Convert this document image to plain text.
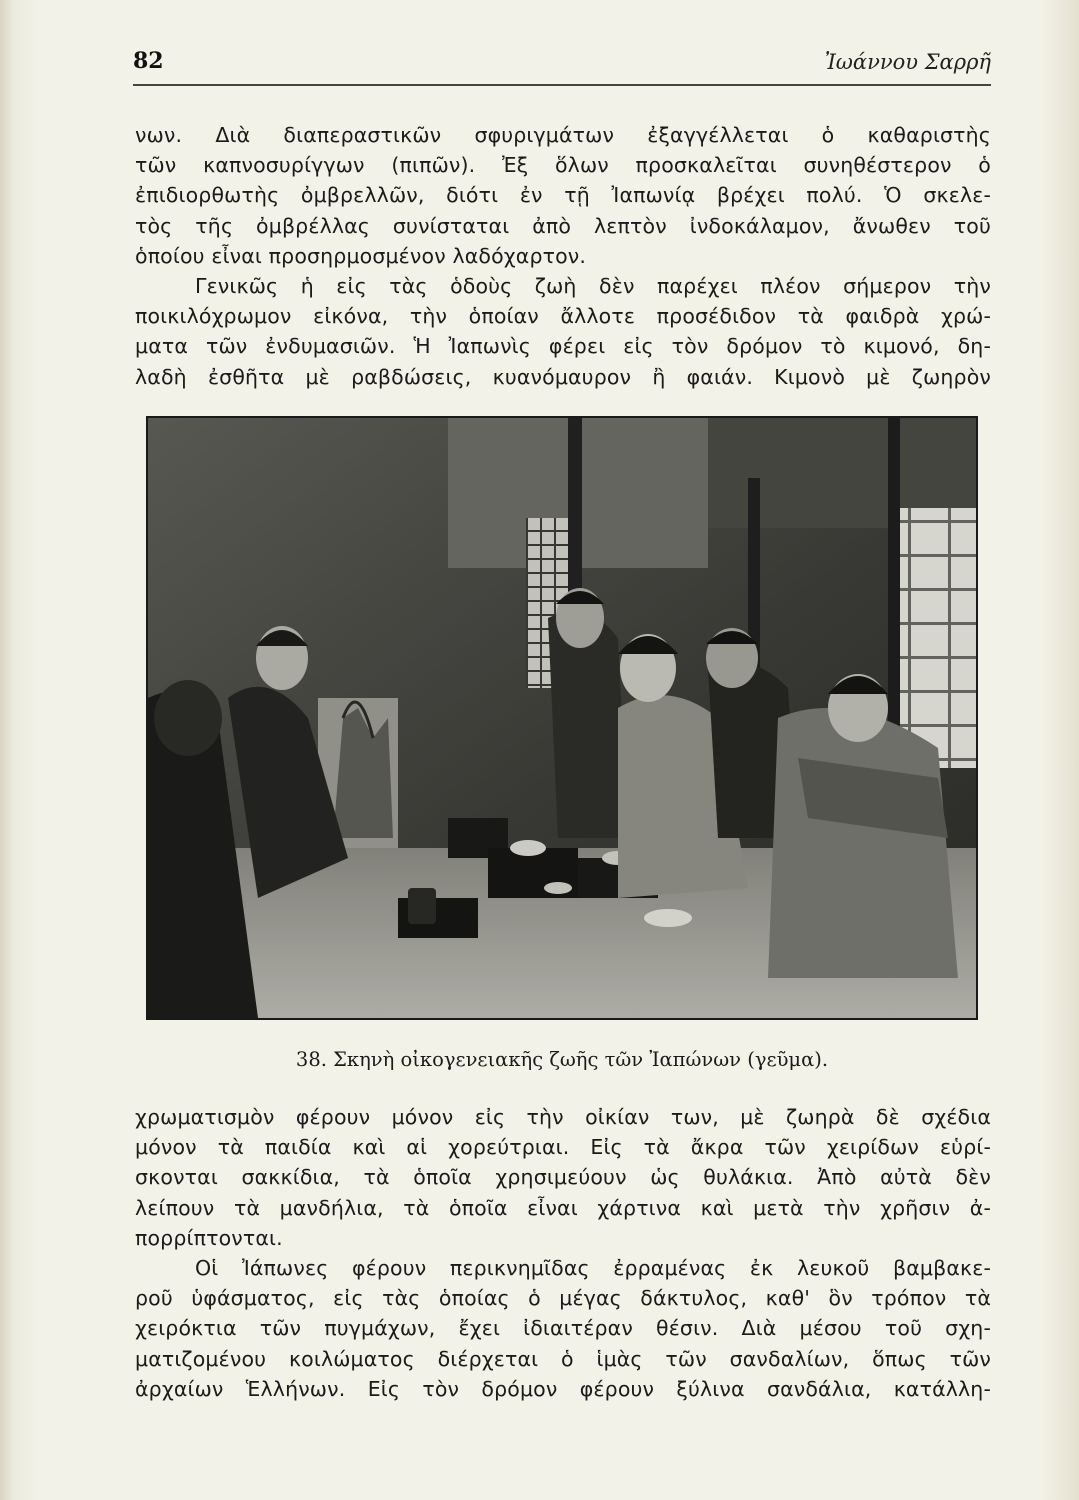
82	Ἰωάννου Σαρρῆ
νων. Διὰ διαπεραστικῶν σφυριγμάτων ἐξαγγέλλεται ὁ καθαριστὴς
τῶν καπνοσυρίγγων (πιπῶν). Ἐξ ὅλων προσκαλεῖται συνηθέστερον ὁ
ἐπιδιορθωτὴς ὀμβρελλῶν, διότι ἐν τῇ Ἰαπωνίᾳ βρέχει πολύ. Ὁ σκελε-
τὸς τῆς ὀμβρέλλας συνίσταται ἀπὸ λεπτὸν ἰνδοκάλαμον, ἄνωθεν τοῦ
ὁποίου εἶναι προσηρμοσμένον λαδόχαρτον.
Γενικῶς ἡ εἰς τὰς ὁδοὺς ζωὴ δὲν παρέχει πλέον σήμερον τὴν
ποικιλόχρωμον εἰκόνα, τὴν ὁποίαν ἄλλοτε προσέδιδον τὰ φαιδρὰ χρώ-
ματα τῶν ἐνδυμασιῶν. Ἡ Ἰαπωνὶς φέρει εἰς τὸν δρόμον τὸ κιμονό, δη-
λαδὴ ἐσθῆτα μὲ ραβδώσεις, κυανόμαυρον ἢ φαιάν. Κιμονὸ μὲ ζωηρὸν
38. Σκηνὴ οἰκογενειακῆς ζωῆς τῶν Ἰαπώνων (γεῦμα).
χρωματισμὸν φέρουν μόνον εἰς τὴν οἰκίαν των, μὲ ζωηρὰ δὲ σχέδια
μόνον τὰ παιδία καὶ αἱ χορεύτριαι. Εἰς τὰ ἄκρα τῶν χειρίδων εὑρί-
σκονται σακκίδια, τὰ ὁποῖα χρησιμεύουν ὡς θυλάκια. Ἀπὸ αὐτὰ δὲν
λείπουν τὰ μανδήλια, τὰ ὁποῖα εἶναι χάρτινα καὶ μετὰ τὴν χρῆσιν ἀ-
πορρίπτονται.
Οἱ Ἰάπωνες φέρουν περικνημῖδας ἐρραμένας ἐκ λευκοῦ βαμβακε-
ροῦ ὑφάσματος, εἰς τὰς ὁποίας ὁ μέγας δάκτυλος, καθ' ὃν τρόπον τὰ
χειρόκτια τῶν πυγμάχων, ἔχει ἰδιαιτέραν θέσιν. Διὰ μέσου τοῦ σχη-
ματιζομένου κοιλώματος διέρχεται ὁ ἱμὰς τῶν σανδαλίων, ὅπως τῶν
ἀρχαίων Ἑλλήνων. Εἰς τὸν δρόμον φέρουν ξύλινα σανδάλια, κατάλλη-
